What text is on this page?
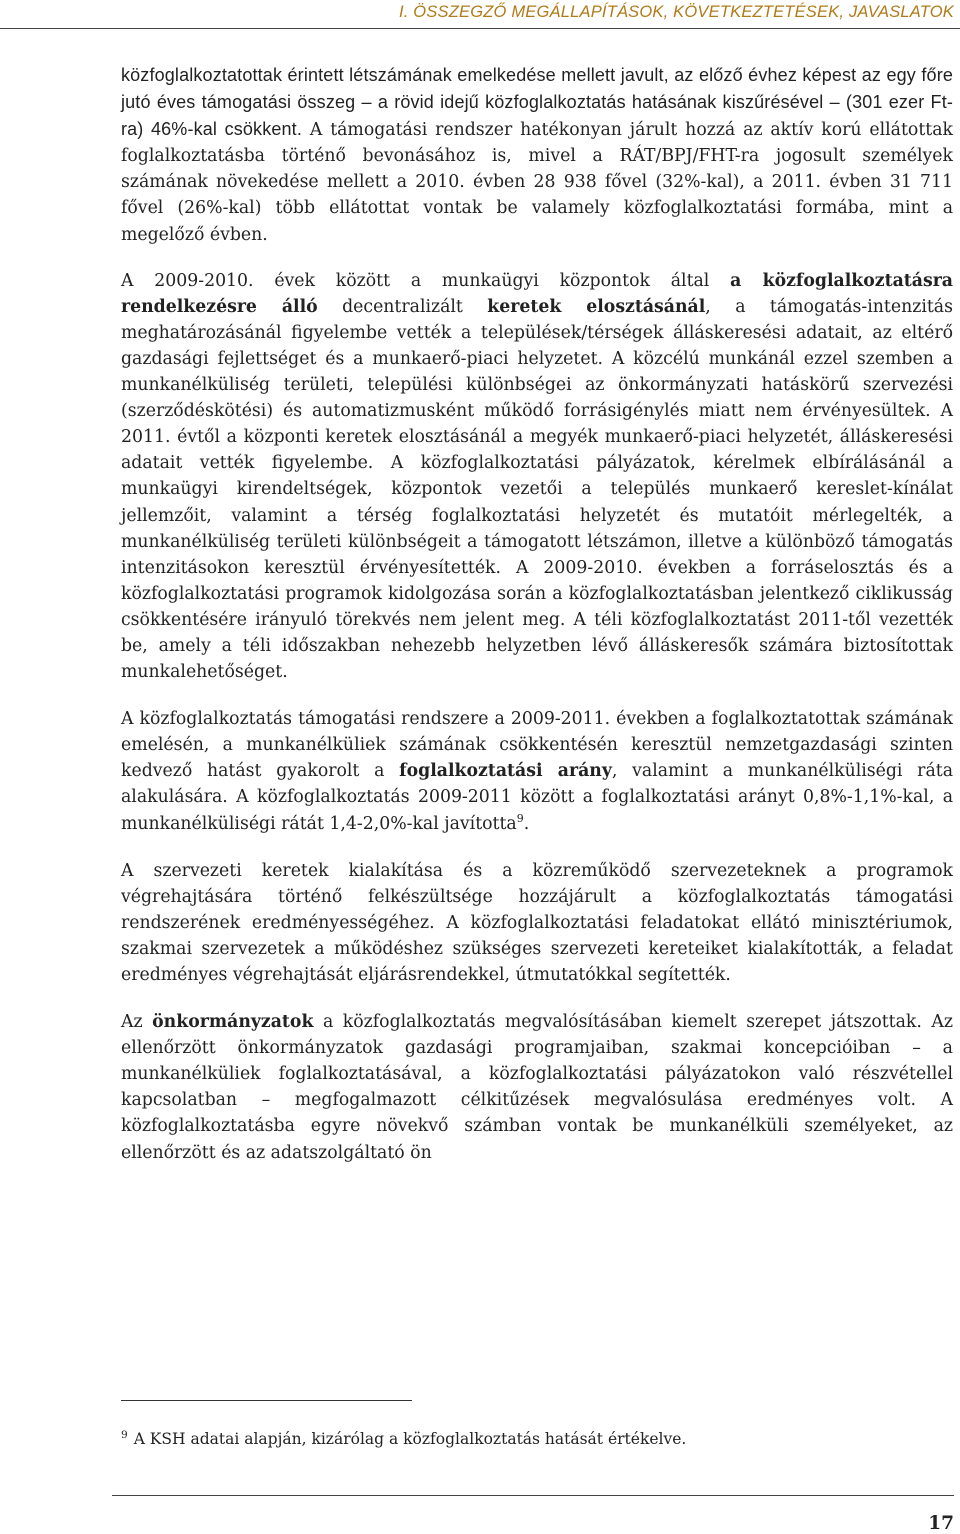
I. ÖSSZEGZŐ MEGÁLLAPÍTÁSOK, KÖVETKEZTETÉSEK, JAVASLATOK

közfoglalkoztatottak érintett létszámának emelkedése mellett javult, az előző évhez képest az egy főre jutó éves támogatási összeg – a rövid idejű közfoglalkoztatás hatásának kiszűrésével – (301 ezer Ft-ra) 46%-kal csökkent. A támogatási rendszer hatékonyan járult hozzá az aktív korú ellátottak foglalkoztatásba történő bevonásához is, mivel a RÁT/BPJ/FHT-ra jogosult személyek számának növekedése mellett a 2010. évben 28 938 fővel (32%-kal), a 2011. évben 31 711 fővel (26%-kal) több ellátottat vontak be valamely közfoglalkoztatási formába, mint a megelőző évben.

A 2009-2010. évek között a munkaügyi központok által a közfoglalkoztatásra rendelkezésre álló decentralizált keretek elosztásánál, a támogatás-intenzitás meghatározásánál figyelembe vették a települések/térségek álláskeresési adatait, az eltérő gazdasági fejlettséget és a munkaerő-piaci helyzetet. A közcélú munkánál ezzel szemben a munkanélküliség területi, települési különbségei az önkormányzati hatáskörű szervezési (szerződéskötési) és automatizmusként működő forrásigénylés miatt nem érvényesültek. A 2011. évtől a központi keretek elosztásánál a megyék munkaerő-piaci helyzetét, álláskeresési adatait vették figyelembe. A közfoglalkoztatási pályázatok, kérelmek elbírálásánál a munkaügyi kirendeltségek, központok vezetői a település munkaerő kereslet-kínálat jellemzőit, valamint a térség foglalkoztatási helyzetét és mutatóit mérlegelték, a munkanélküliség területi különbségeit a támogatott létszámon, illetve a különböző támogatás intenzitásokon keresztül érvényesítették. A 2009-2010. években a forráselosztás és a közfoglalkoztatási programok kidolgozása során a közfoglalkoztatásban jelentkező ciklikusság csökkentésére irányuló törekvés nem jelent meg. A téli közfoglalkoztatást 2011-től vezették be, amely a téli időszakban nehezebb helyzetben lévő álláskeresők számára biztosítottak munkalehetőséget.

A közfoglalkoztatás támogatási rendszere a 2009-2011. években a foglalkoztatottak számának emelésén, a munkanélküliek számának csökkentésén keresztül nemzetgazdasági szinten kedvező hatást gyakorolt a foglalkoztatási arány, valamint a munkanélküliségi ráta alakulására. A közfoglalkoztatás 2009-2011 között a foglalkoztatási arányt 0,8%-1,1%-kal, a munkanélküliségi rátát 1,4-2,0%-kal javította$^9$.

A szervezeti keretek kialakítása és a közreműködő szervezeteknek a programok végrehajtására történő felkészültsége hozzájárult a közfoglalkoztatás támogatási rendszerének eredményességéhez. A közfoglalkoztatási feladatokat ellátó minisztériumok, szakmai szervezetek a működéshez szükséges szervezeti kereteiket kialakították, a feladat eredményes végrehajtását eljárásrendekkel, útmutatókkal segítették.

Az önkormányzatok a közfoglalkoztatás megvalósításában kiemelt szerepet játszottak. Az ellenőrzött önkormányzatok gazdasági programjaiban, szakmai koncepcióiban – a munkanélküliek foglalkoztatásával, a közfoglalkoztatási pályázatokon való részvétellel kapcsolatban – megfogalmazott célkitűzések megvalósulása eredményes volt. A közfoglalkoztatásba egyre növekvő számban vontak be munkanélküli személyeket, az ellenőrzött és az adatszolgáltató ön

$^9$ A KSH adatai alapján, kizárólag a közfoglalkoztatás hatását értékelve.
17
